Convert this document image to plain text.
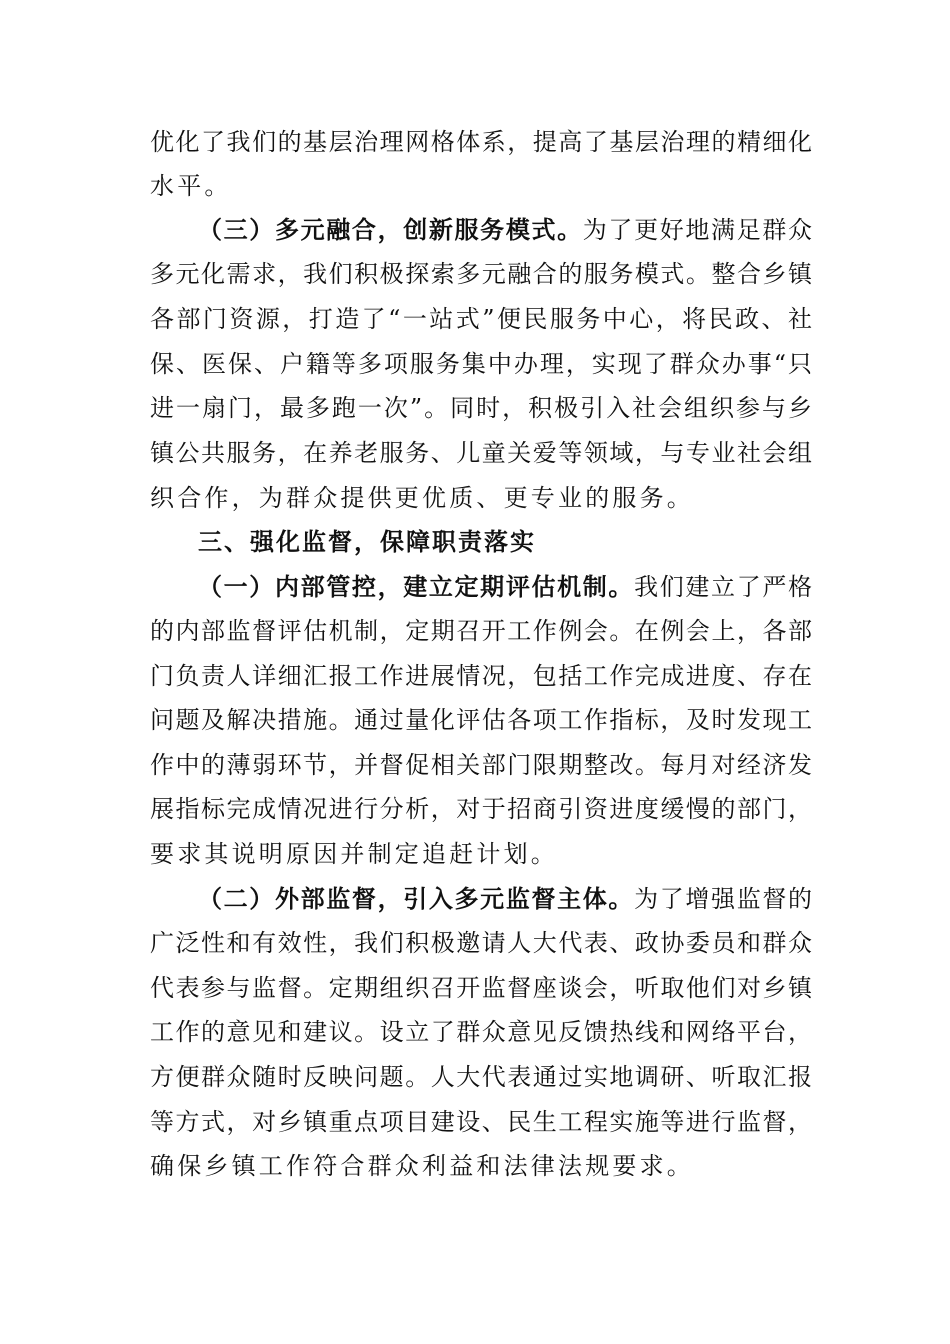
优化了我们的基层治理网格体系，提高了基层治理的精细化
水平。
（三）多元融合，创新服务模式。为了更好地满足群众
多元化需求，我们积极探索多元融合的服务模式。整合乡镇
各部门资源，打造了“一站式”便民服务中心，将民政、社
保、医保、户籍等多项服务集中办理，实现了群众办事“只
进一扇门，最多跑一次”。同时，积极引入社会组织参与乡
镇公共服务，在养老服务、儿童关爱等领域，与专业社会组
织合作，为群众提供更优质、更专业的服务。
三、强化监督，保障职责落实
（一）内部管控，建立定期评估机制。我们建立了严格
的内部监督评估机制，定期召开工作例会。在例会上，各部
门负责人详细汇报工作进展情况，包括工作完成进度、存在
问题及解决措施。通过量化评估各项工作指标，及时发现工
作中的薄弱环节，并督促相关部门限期整改。每月对经济发
展指标完成情况进行分析，对于招商引资进度缓慢的部门，
要求其说明原因并制定追赶计划。
（二）外部监督，引入多元监督主体。为了增强监督的
广泛性和有效性，我们积极邀请人大代表、政协委员和群众
代表参与监督。定期组织召开监督座谈会，听取他们对乡镇
工作的意见和建议。设立了群众意见反馈热线和网络平台，
方便群众随时反映问题。人大代表通过实地调研、听取汇报
等方式，对乡镇重点项目建设、民生工程实施等进行监督，
确保乡镇工作符合群众利益和法律法规要求。
